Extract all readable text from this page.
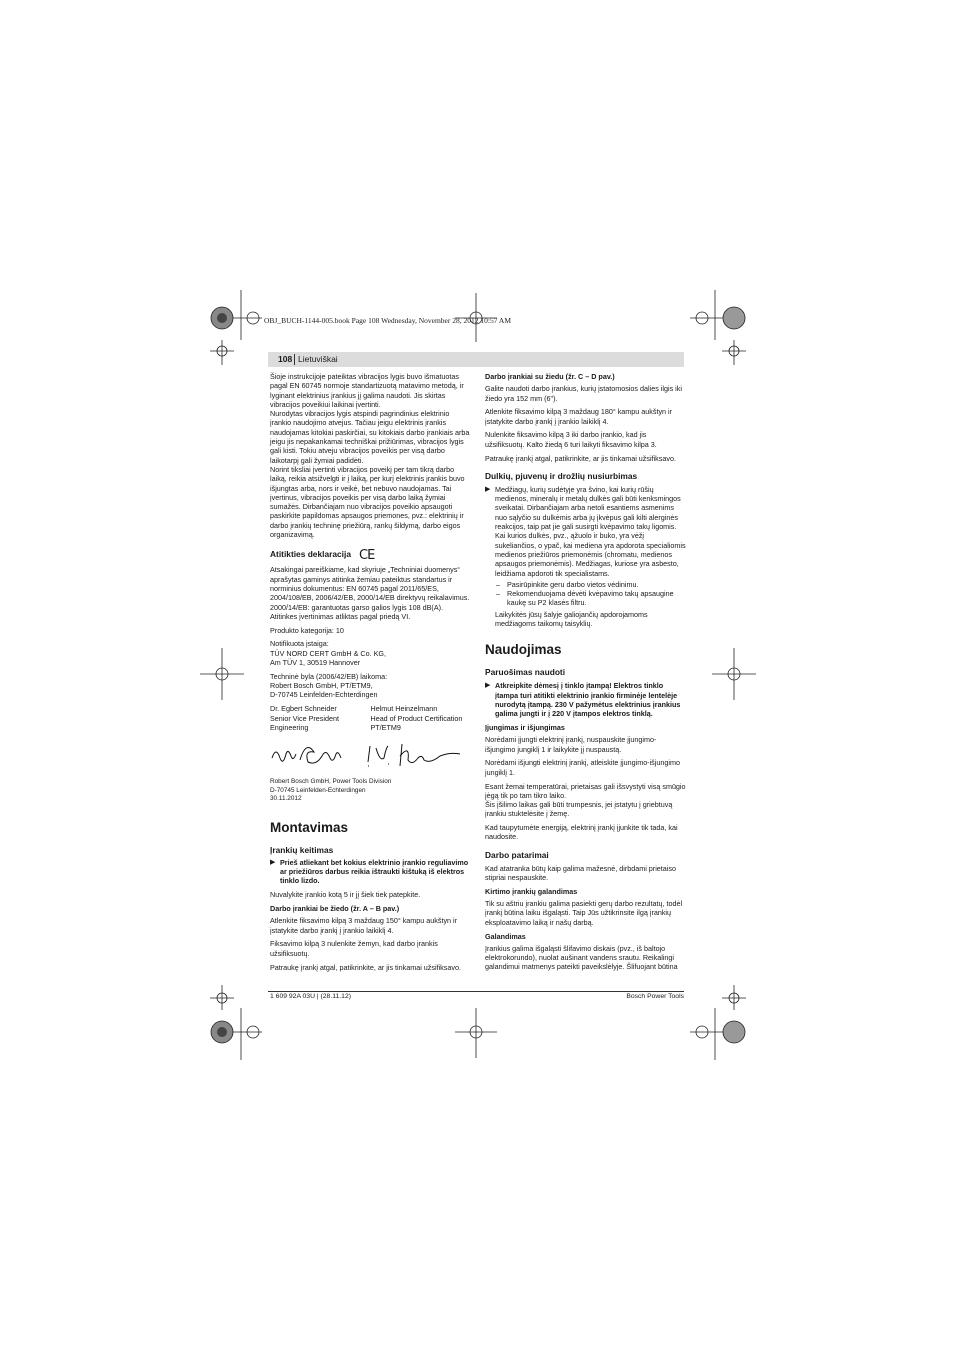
OBJ_BUCH-1144-005.book Page 108 Wednesday, November 28, 2012 10:57 AM
108 Lietuviškai

Šioje instrukcijoje pateiktas vibracijos lygis buvo išmatuotas pagal EN 60745 normoje standartizuotą matavimo metodą, ir lyginant elektrinius įrankius jį galima naudoti. Jis skirtas vibracijos poveikiui laikinai įvertinti.

Nurodytas vibracijos lygis atspindi pagrindinius elektrinio įrankio naudojimo atvejus. Tačiau jeigu elektrinis įrankis naudojamas kitokiai paskirčiai, su kitokiais darbo įrankiais arba jeigu jis nepakankamai techniškai prižiūrimas, vibracijos lygis gali kisti. Tokiu atveju vibracijos poveikis per visą darbo laikotarpį gali žymiai padidėti.

Norint tiksliai įvertinti vibracijos poveikį per tam tikrą darbo laiką, reikia atsižvelgti ir į laiką, per kurį elektrinis įrankis buvo išjungtas arba, nors ir veikė, bet nebuvo naudojamas. Tai įvertinus, vibracijos poveikis per visą darbo laiką žymiai sumažės. Dirbančiajam nuo vibracijos poveikio apsaugoti paskirkite papildomas apsaugos priemones, pvz.: elektrinių ir darbo įrankių techninę priežiūrą, rankų šildymą, darbo eigos organizavimą.

Atitikties deklaracija CE

Atsakingai pareiškiame, kad skyriuje „Techniniai duomenys“ aprašytas gaminys atitinka žemiau pateiktus standartus ir norminius dokumentus: EN 60745 pagal 2011/65/ES, 2004/108/EB, 2006/42/EB, 2000/14/EB direktyvų reikalavimus.

2000/14/EB: garantuotas garso galios lygis 108 dB(A). Atitinkes įvertinimas atliktas pagal priedą VI.

Produkto kategorija: 10

Notifikuota įstaiga:
TÜV NORD CERT GmbH & Co. KG,
Am TÜV 1, 30519 Hannover

Techninė byla (2006/42/EB) laikoma:
Robert Bosch GmbH, PT/ETM9,
D-70745 Leinfelden-Echterdingen

Dr. Egbert Schneider
Senior Vice President
Engineering
Helmut Heinzelmann
Head of Product Certification
PT/ETM9

Robert Bosch GmbH, Power Tools Division
D-70745 Leinfelden-Echterdingen
30.11.2012

Montavimas
Įrankių keitimas

▶ Prieš atliekant bet kokius elektrinio įrankio reguliavimo ar priežiūros darbus reikia ištraukti kištuką iš elektros tinklo lizdo.

Nuvalykite įrankio kotą 5 ir jį šiek tiek patepkite.

Darbo įrankiai be žiedo (žr. A – B pav.)

Atlenkite fiksavimo kilpą 3 maždaug 150° kampu aukštyn ir įstatykite darbo įrankį į įrankio laikiklį 4.

Fiksavimo kilpą 3 nulenkite žemyn, kad darbo įrankis užsifiksuotų.

Patraukę įrankį atgal, patikrinkite, ar jis tinkamai užsifiksavo.

Darbo įrankiai su žiedu (žr. C – D pav.)

Galite naudoti darbo įrankius, kurių įstatomosios dalies ilgis iki žiedo yra 152 mm (6").

Atlenkite fiksavimo kilpą 3 maždaug 180° kampu aukštyn ir įstatykite darbo įrankį į įrankio laikiklį 4.

Nulenkite fiksavimo kilpą 3 iki darbo įrankio, kad jis užsifiksuotų. Kalto žiedą 6 turi laikyti fiksavimo kilpa 3.

Patraukę įrankį atgal, patikrinkite, ar jis tinkamai užsifiksavo.

Dulkių, pjuvenų ir drožlių nusiurbimas

▶ Medžiagų, kurių sudėtyje yra švino, kai kurių rūšių medienos, mineralų ir metalų dulkės gali būti kenksmingos sveikatai. Dirbančiajam arba netoli esantiems asmenims nuo sąlyčio su dulkėmis arba jų įkvėpus gali kilti alerginės reakcijos, taip pat jie gali susirgti kvėpavimo takų ligomis. Kai kurios dulkės, pvz., ąžuolo ir buko, yra vėžį sukeliančios, o ypač, kai mediena yra apdorota specialiomis medienos priežiūros priemonėmis (chromatu, medienos apsaugos priemonėmis). Medžiagas, kuriose yra asbesto, leidžiama apdoroti tik specialistams.

– Pasirūpinkite geru darbo vietos vėdinimu.

– Rekomenduojama dėvėti kvėpavimo takų apsaugine kaukę su P2 klasės filtru.

Laikykitės jūsų šalyje galiojančių apdorojamoms medžiagoms taikomų taisyklių.

Naudojimas
Paruošimas naudoti

▶ Atkreipkite dėmesį į tinklo įtampą! Elektros tinklo įtampa turi atitikti elektrinio įrankio firminėje lentelėje nurodytą įtampą. 230 V pažymėtus elektrinius įrankius galima jungti ir į 220 V įtampos elektros tinklą.

Įjungimas ir išjungimas

Norėdami įjungti elektrinį įrankį, nuspauskite įjungimo-išjungimo jungiklį 1 ir laikykite jį nuspaustą.

Norėdami išjungti elektrinį įrankį, atleiskite įjungimo-išjungimo jungiklį 1.

Esant žemai temperatūrai, prietaisas gali išsvystyti visą smūgio jėgą tik po tam tikro laiko.
Šis įšilimo laikas gali būti trumpesnis, jei įstatytu į griebtuvą įrankiu stuktelėsite į žemę.

Kad taupytumėte energiją, elektrinį įrankį įjunkite tik tada, kai naudosite.

Darbo patarimai

Kad atatranka būtų kaip galima mažesnė, dirbdami prietaiso stipriai nespauskite.

Kirtimo įrankių galandimas

Tik su aštriu įrankiu galima pasiekti gerų darbo rezultatų, todėl įrankį būtina laiku išgaląsti. Taip Jūs užtikrinsite ilgą įrankių eksploatavimo laiką ir našų darbą.

Galandimas

Įrankius galima išgaląsti šlifavimo diskais (pvz., iš baltojo elektrokorundo), nuolat aušinant vandens srautu. Reikalingi galandimui matmenys pateikti paveikslėlyje. Šlifuojant būtina

1 609 92A 03U | (28.11.12)	Bosch Power Tools
